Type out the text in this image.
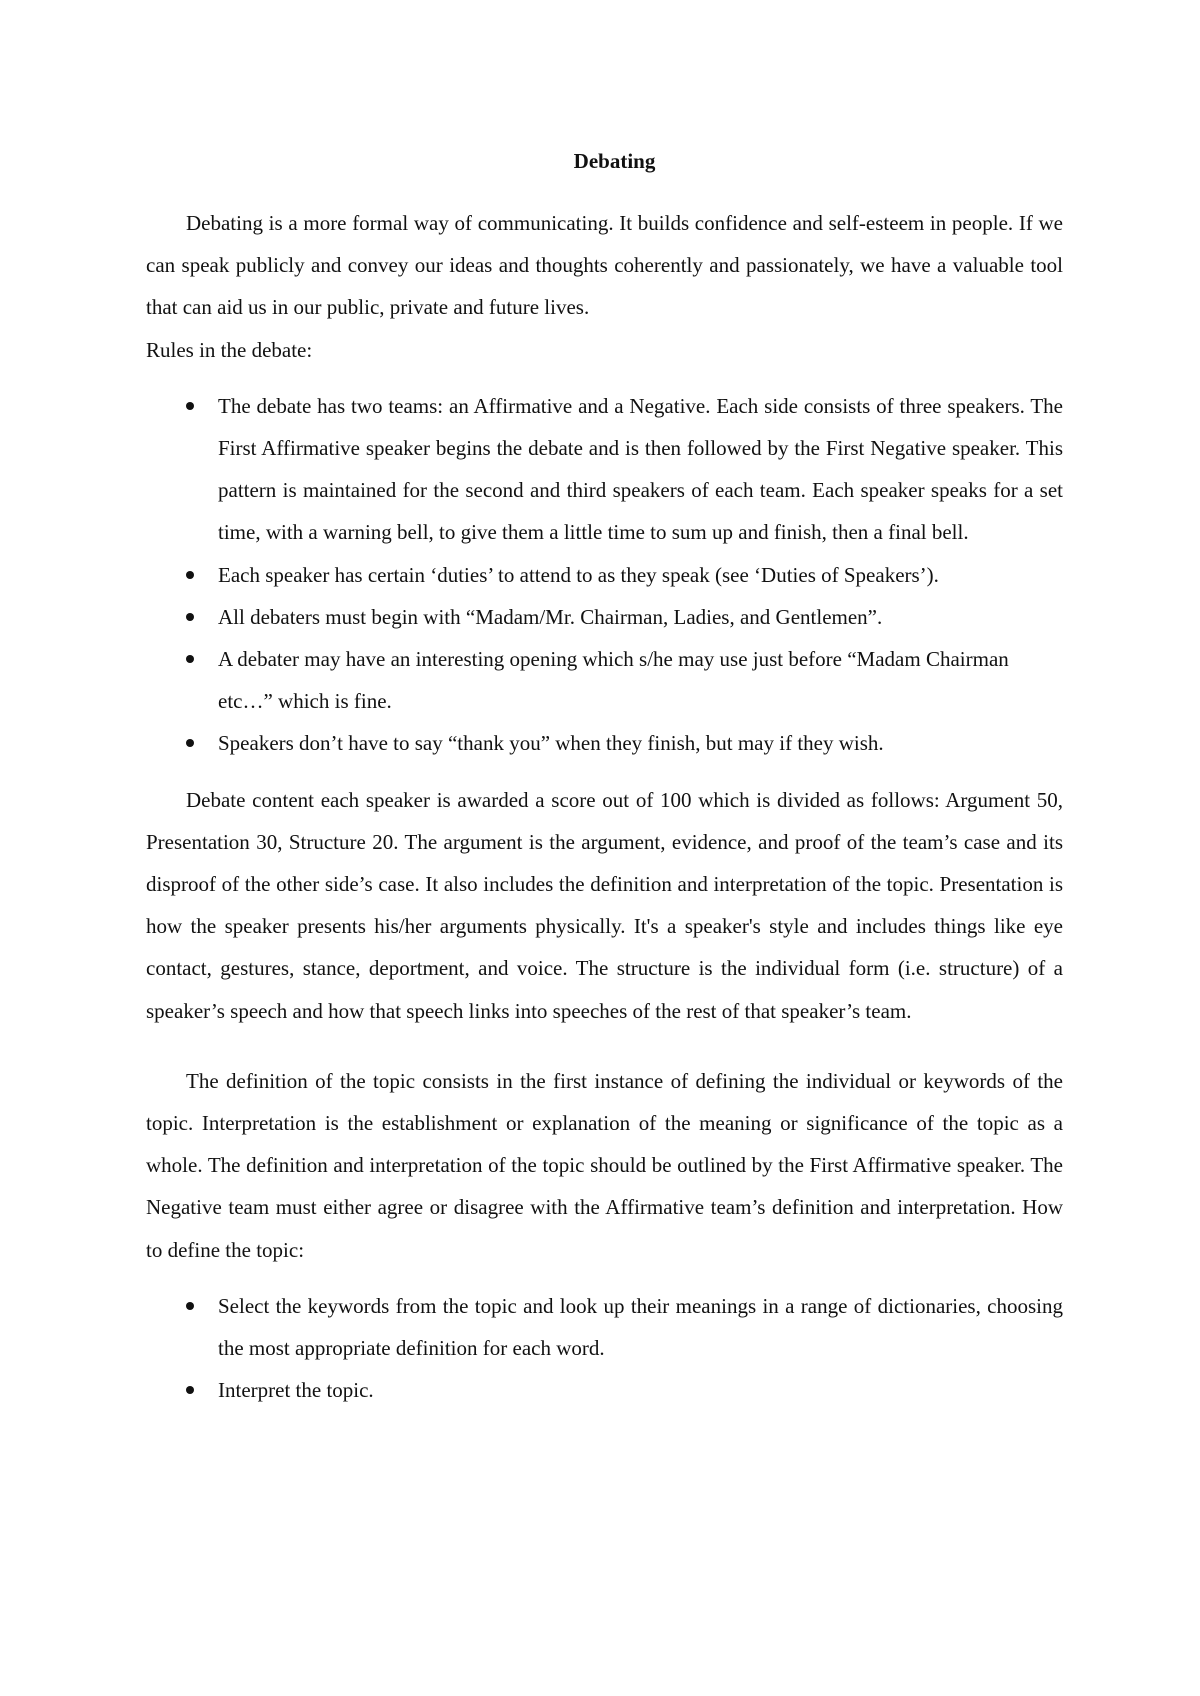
Debating

Debating is a more formal way of communicating. It builds confidence and self-esteem in people. If we can speak publicly and convey our ideas and thoughts coherently and passionately, we have a valuable tool that can aid us in our public, private and future lives.

Rules in the debate:

The debate has two teams: an Affirmative and a Negative. Each side consists of three speakers. The First Affirmative speaker begins the debate and is then followed by the First Negative speaker. This pattern is maintained for the second and third speakers of each team. Each speaker speaks for a set time, with a warning bell, to give them a little time to sum up and finish, then a final bell.
Each speaker has certain ‘duties’ to attend to as they speak (see ‘Duties of Speakers’).
All debaters must begin with “Madam/Mr. Chairman, Ladies, and Gentlemen”.
A debater may have an interesting opening which s/he may use just before “Madam Chairman etc…” which is fine.
Speakers don’t have to say “thank you” when they finish, but may if they wish.

Debate content each speaker is awarded a score out of 100 which is divided as follows: Argument 50, Presentation 30, Structure 20. The argument is the argument, evidence, and proof of the team’s case and its disproof of the other side’s case. It also includes the definition and interpretation of the topic. Presentation is how the speaker presents his/her arguments physically. It's a speaker's style and includes things like eye contact, gestures, stance, deportment, and voice. The structure is the individual form (i.e. structure) of a speaker’s speech and how that speech links into speeches of the rest of that speaker’s team.

The definition of the topic consists in the first instance of defining the individual or keywords of the topic. Interpretation is the establishment or explanation of the meaning or significance of the topic as a whole. The definition and interpretation of the topic should be outlined by the First Affirmative speaker. The Negative team must either agree or disagree with the Affirmative team’s definition and interpretation. How to define the topic:

Select the keywords from the topic and look up their meanings in a range of dictionaries, choosing the most appropriate definition for each word.
Interpret the topic.
